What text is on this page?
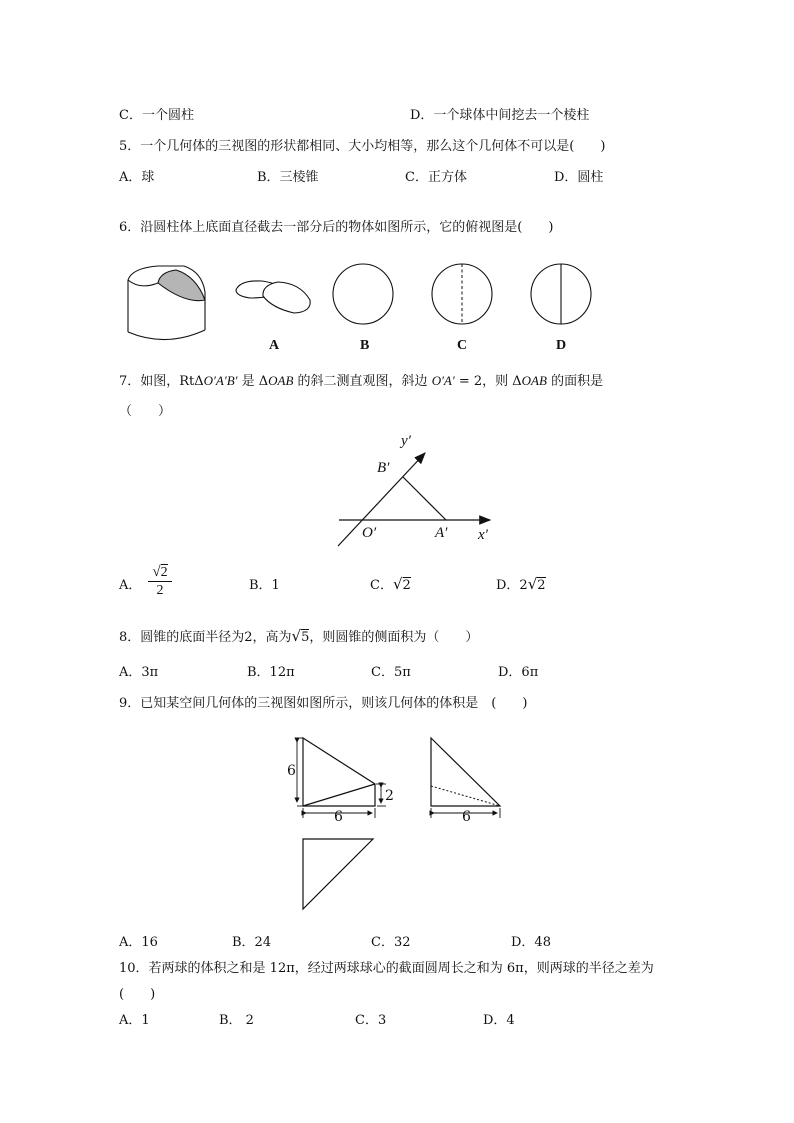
C．一个圆柱	D．一个球体中间挖去一个棱柱
5．一个几何体的三视图的形状都相同、大小均相等，那么这个几何体不可以是(　　)
A．球	B．三棱锥	C．正方体	D．圆柱
6．沿圆柱体上底面直径截去一部分后的物体如图所示，它的俯视图是(　　)
A	B	C	D
7．如图，RtΔO′A′B′ 是 ΔOAB 的斜二测直观图，斜边 O′A′ = 2，则 ΔOAB 的面积是
（　　）
y′
B′
O′	A′ x′
A． $\frac{√ 2}{2}$	B．1	C．√2	D．2√2
8．圆锥的底面半径为2，高为√5，则圆锥的侧面积为（　　）
A．3π	B．12π	C．5π	D．6π
9．已知某空间几何体的三视图如图所示，则该几何体的体积是　(　　)
6
6
2
6
A．16	B．24	C．32	D．48
10．若两球的体积之和是 12π，经过两球球心的截面圆周长之和为 6π，则两球的半径之差为
(　　)
A．1	B． 2	C．3	D．4
